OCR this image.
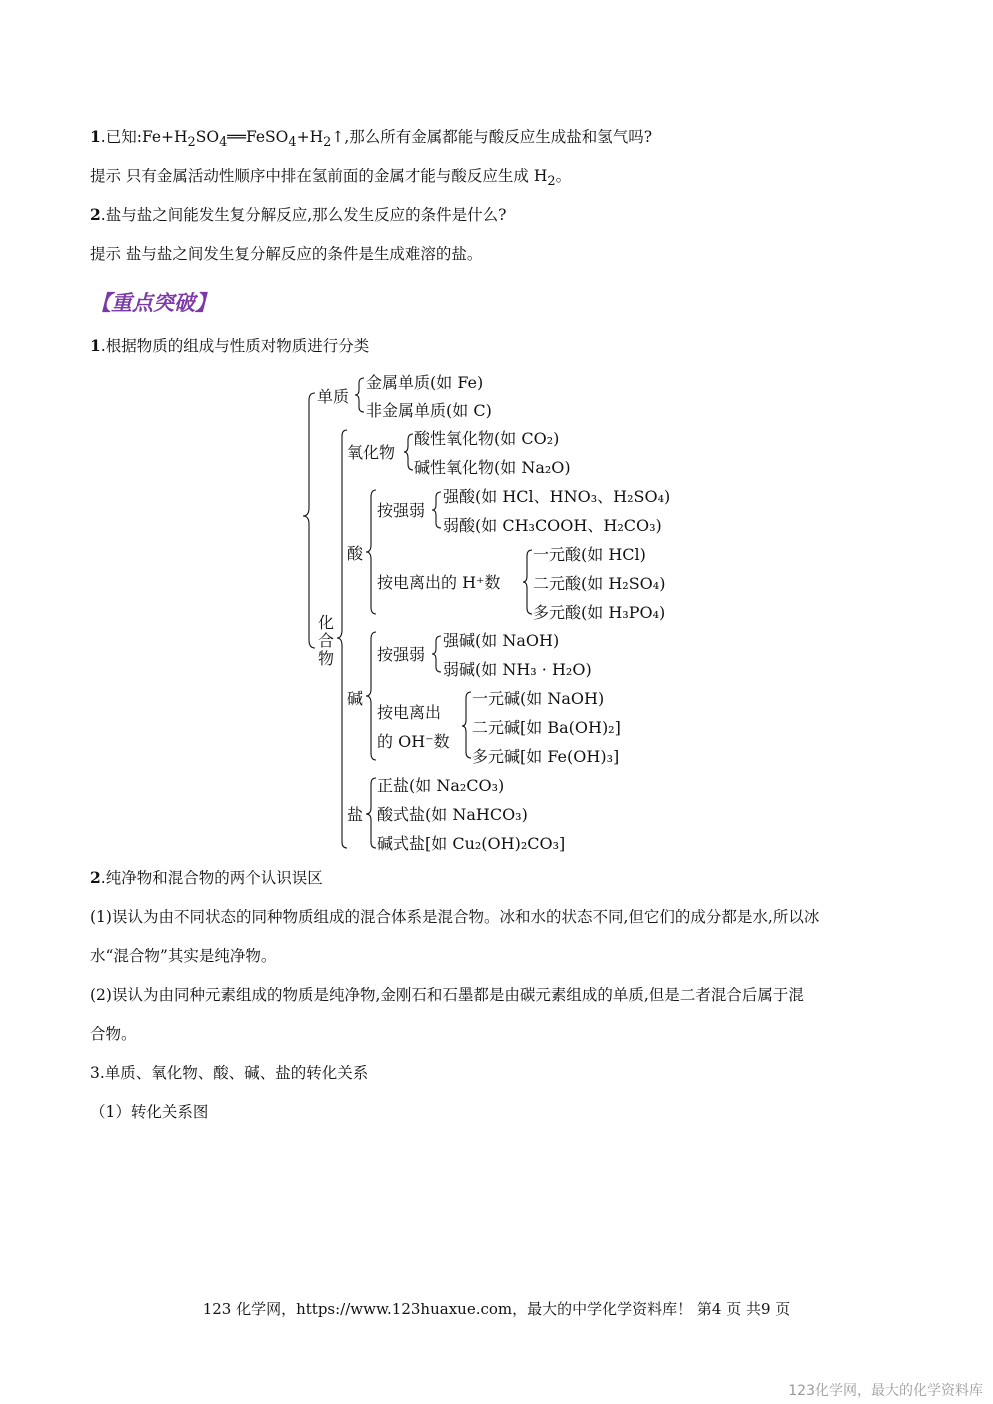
1.已知$:Fe+H_2SO_4══FeSO_4+H_2↑$,那么所有金属都能与酸反应生成盐和氢气吗?
提示 只有金属活动性顺序中排在氢前面的金属才能与酸反应生成 $H_2$。
2.盐与盐之间能发生复分解反应,那么发生反应的条件是什么?
提示 盐与盐之间发生复分解反应的条件是生成难溶的盐。
【重点突破】
1.根据物质的组成与性质对物质进行分类
单质
金属单质(如 Fe)
非金属单质(如 C)
化
合
物
氧化物
酸性氧化物(如 CO₂)
碱性氧化物(如 Na₂O)
酸
按强弱
强酸(如 HCl、HNO₃、H₂SO₄)
弱酸(如 CH₃COOH、H₂CO₃)
按电离出的 H⁺数
一元酸(如 HCl)
二元酸(如 H₂SO₄)
多元酸(如 H₃PO₄)
碱
按强弱
强碱(如 NaOH)
弱碱(如 NH₃ · H₂O)
按电离出
的 OH⁻数
一元碱(如 NaOH)
二元碱[如 Ba(OH)₂]
多元碱[如 Fe(OH)₃]
盐
正盐(如 Na₂CO₃)
酸式盐(如 NaHCO₃)
碱式盐[如 Cu₂(OH)₂CO₃]
2.纯净物和混合物的两个认识误区
(1)误认为由不同状态的同种物质组成的混合体系是混合物。冰和水的状态不同,但它们的成分都是水,所以冰
水“混合物”其实是纯净物。
(2)误认为由同种元素组成的物质是纯净物,金刚石和石墨都是由碳元素组成的单质,但是二者混合后属于混
合物。
3.单质、氧化物、酸、碱、盐的转化关系
（1）转化关系图
123 化学网，https://www.123huaxue.com，最大的中学化学资料库！ 第4 页 共9 页
123化学网，最大的化学资料库
